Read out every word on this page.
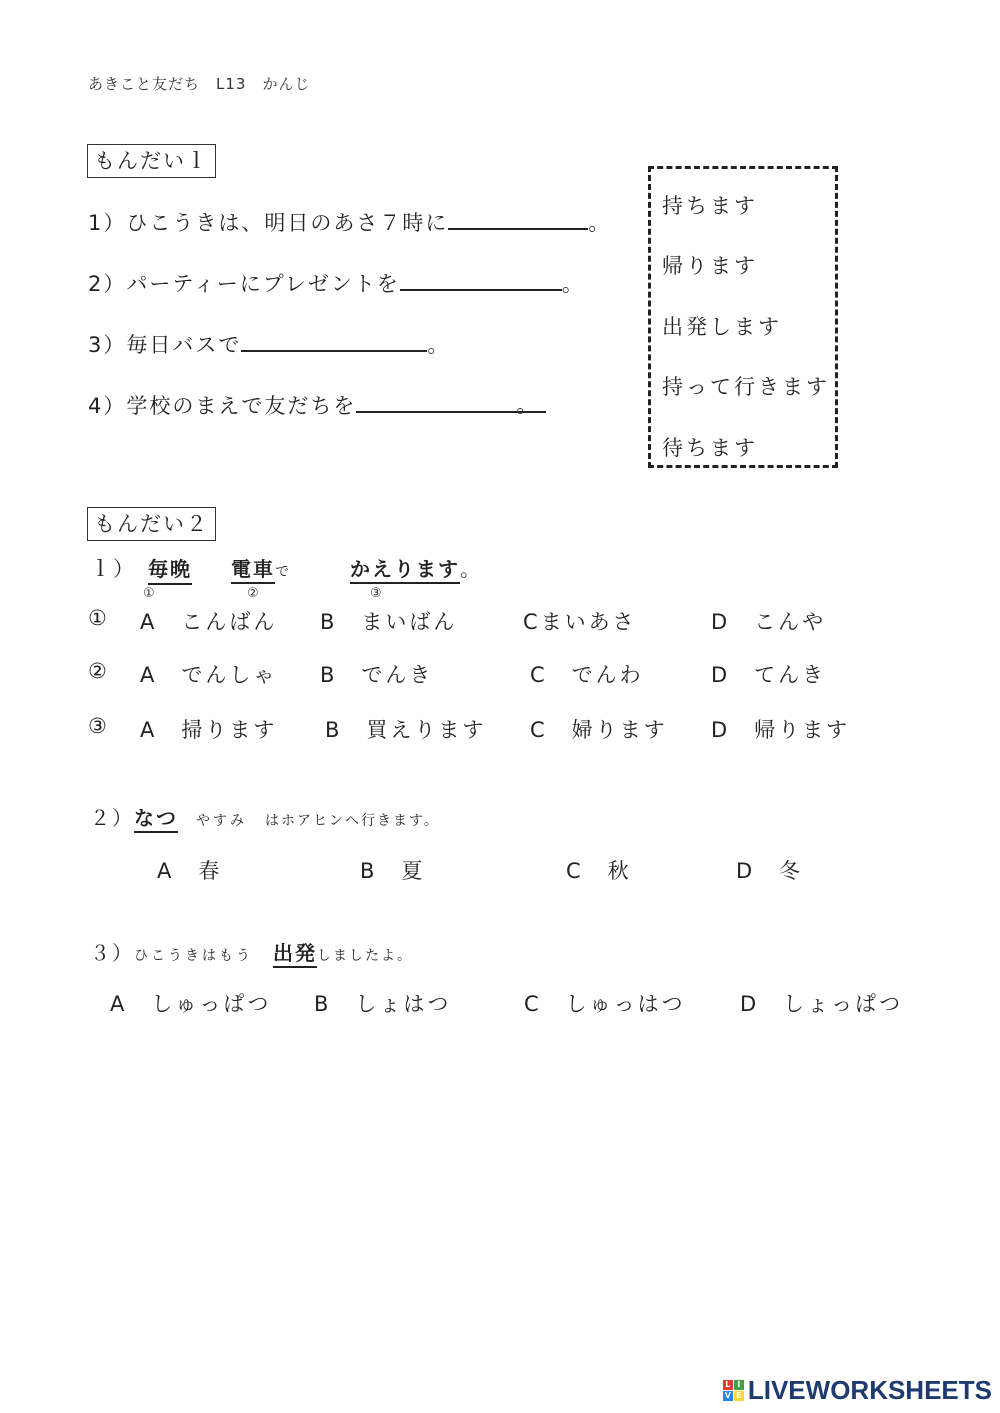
あきこと友だち　L13　かんじ
もんだいｌ
1）ひこうきは、明日のあさ７時に	。
2）パーティーにプレゼントを	。
3）毎日バスで	。
4）学校のまえで友だちを	。
持ちます
帰ります
出発します
持って行きます
待ちます
もんだい２
ｌ） 毎晩 電車で	かえります。
①	②	③
① A　こんばん B　まいばん	Cまいあさ	D　こんや
② A　でんしゃ B　でんき	C　でんわ	D　てんき
③ A　掃ります B　買えります C　婦ります D　帰ります
２）なつ やすみ はホアヒンへ行きます。
A　春	B　夏	C　秋	D　冬
３）ひこうきはもう 出発しましたよ。
A　しゅっぱつ B　しょはつ	C　しゅっはつ	D　しょっぱつ
L I
V E LIVEWORKSHEETS
